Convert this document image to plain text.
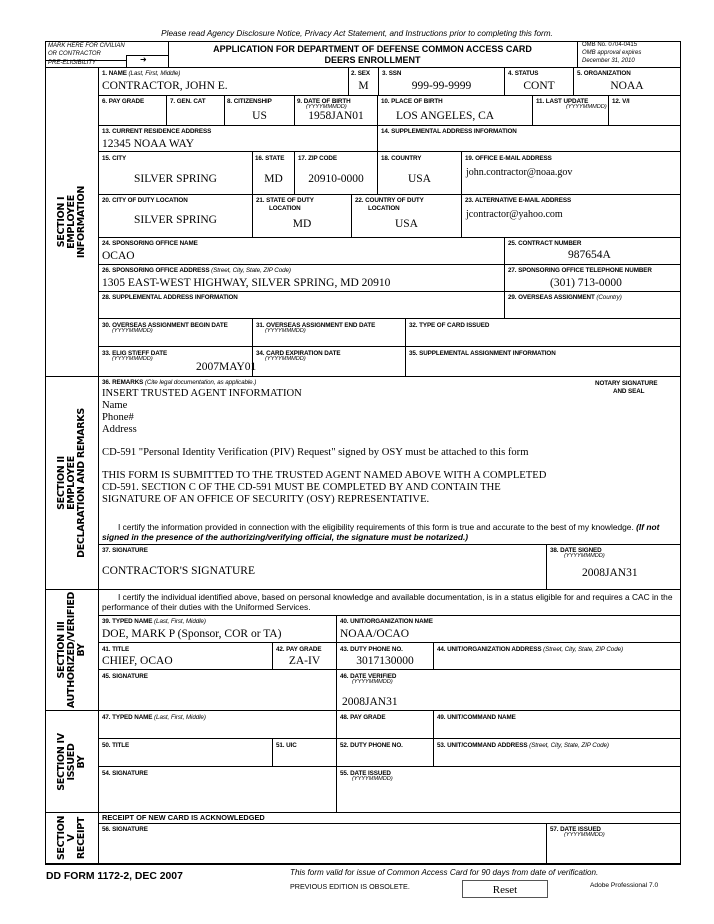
Please read Agency Disclosure Notice, Privacy Act Statement, and Instructions prior to completing this form.
➜
MARK HERE FOR CIVILIAN
OR CONTRACTOR
PRE-ELIGIBILITY
APPLICATION FOR DEPARTMENT OF DEFENSE COMMON ACCESS CARD
DEERS ENROLLMENT
OMB No. 0704-0415
OMB approval expires
December 31, 2010
SECTION I
EMPLOYEE
INFORMATION
SECTION II
EMPLOYEE
DECLARATION AND REMARKS
SECTION III
AUTHORIZED/VERIFIED
BY
SECTION IV
ISSUED
BY
SECTION
V
RECEIPT
1. NAME (Last, First, Middle)
CONTRACTOR, JOHN E.
2. SEX
M
3. SSN
999-99-9999
4. STATUS
CONT
5. ORGANIZATION
NOAA
6. PAY GRADE	7. GEN. CAT	8. CITIZENSHIP
US
9. DATE OF BIRTH
(YYYYMMMDD)
1958JAN01
10. PLACE OF BIRTH
LOS ANGELES, CA
11. LAST UPDATE
(YYYYMMMDD)
12. V/I
13. CURRENT RESIDENCE ADDRESS
12345 NOAA WAY
14. SUPPLEMENTAL ADDRESS INFORMATION
15. CITY
SILVER SPRING
16. STATE
MD
17. ZIP CODE
20910-0000
18. COUNTRY
USA
19. OFFICE E-MAIL ADDRESS
john.contractor@noaa.gov
20. CITY OF DUTY LOCATION
SILVER SPRING
21. STATE OF DUTY
LOCATION
MD
22. COUNTRY OF DUTY
LOCATION
USA
23. ALTERNATIVE E-MAIL ADDRESS
jcontractor@yahoo.com
24. SPONSORING OFFICE NAME
OCAO
25. CONTRACT NUMBER
987654A
26. SPONSORING OFFICE ADDRESS (Street, City, State, ZIP Code)
1305 EAST-WEST HIGHWAY, SILVER SPRING, MD 20910
27. SPONSORING OFFICE TELEPHONE NUMBER
(301) 713-0000
28. SUPPLEMENTAL ADDRESS INFORMATION	29. OVERSEAS ASSIGNMENT (Country)
30. OVERSEAS ASSIGNMENT BEGIN DATE
(YYYYMMMDD)
31. OVERSEAS ASSIGNMENT END DATE
(YYYYMMMDD)
32. TYPE OF CARD ISSUED
33. ELIG ST/EFF DATE
(YYYYMMMDD)
2007MAY01
34. CARD EXPIRATION DATE
(YYYYMMMDD)
35. SUPPLEMENTAL ASSIGNMENT INFORMATION
36. REMARKS (Cite legal documentation, as applicable.)	NOTARY SIGNATURE
AND SEAL
INSERT TRUSTED AGENT INFORMATION
Name
Phone#
Address
CD-591 "Personal Identity Verification (PIV) Request" signed by OSY must be attached to this form
THIS FORM IS SUBMITTED TO THE TRUSTED AGENT NAMED ABOVE WITH A COMPLETED
CD-591. SECTION C OF THE CD-591 MUST BE COMPLETED BY AND CONTAIN THE
SIGNATURE OF AN OFFICE OF SECURITY (OSY) REPRESENTATIVE.
I certify the information provided in connection with the eligibility requirements of this form is true and accurate to the best of my knowledge. (If not signed in the presence of the authorizing/verifying official, the signature must be notarized.)
37. SIGNATURE
CONTRACTOR'S SIGNATURE
38. DATE SIGNED
(YYYYMMMDD)
2008JAN31
I certify the individual identified above, based on personal knowledge and available documentation, is in a status eligible for and requires a CAC in the performance of their duties with the Uniformed Services.
39. TYPED NAME (Last, First, Middle)
DOE, MARK P (Sponsor, COR or TA)
40. UNIT/ORGANIZATION NAME
NOAA/OCAO
41. TITLE
CHIEF, OCAO
42. PAY GRADE
ZA-IV
43. DUTY PHONE NO.
3017130000
44. UNIT/ORGANIZATION ADDRESS (Street, City, State, ZIP Code)
45. SIGNATURE	46. DATE VERIFIED
(YYYYMMMDD)
2008JAN31
47. TYPED NAME (Last, First, Middle)	48. PAY GRADE	49. UNIT/COMMAND NAME
50. TITLE	51. UIC	52. DUTY PHONE NO.	53. UNIT/COMMAND ADDRESS (Street, City, State, ZIP Code)
54. SIGNATURE	55. DATE ISSUED
(YYYYMMMDD)
RECEIPT OF NEW CARD IS ACKNOWLEDGED
56. SIGNATURE	57. DATE ISSUED
(YYYYMMMDD)
DD FORM 1172-2, DEC 2007	This form valid for issue of Common Access Card for 90 days from date of verification.
PREVIOUS EDITION IS OBSOLETE.	Reset	Adobe Professional 7.0
